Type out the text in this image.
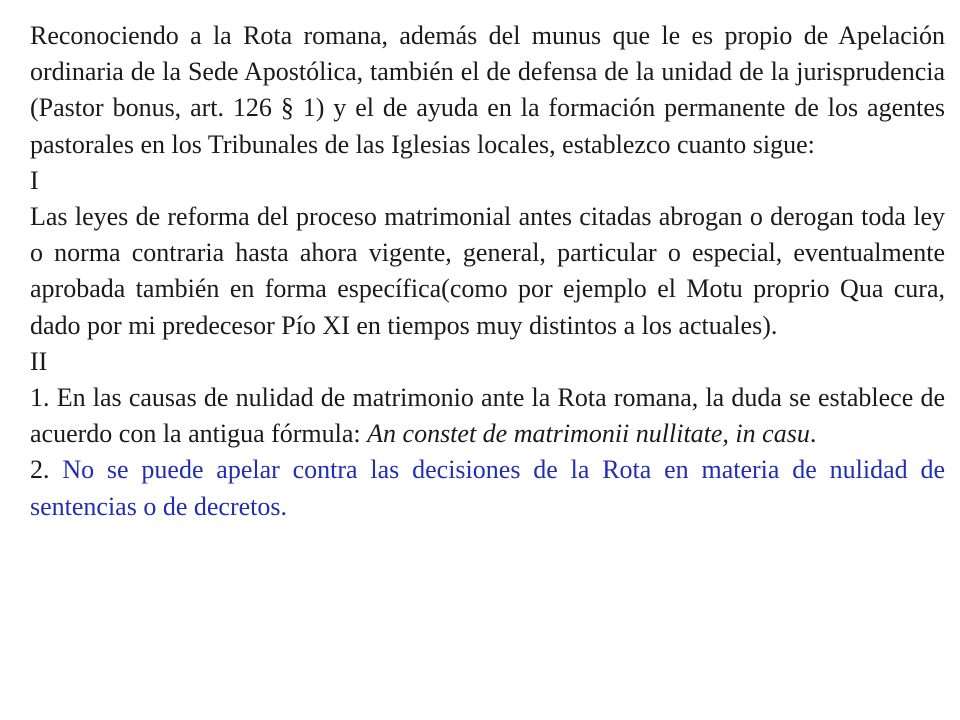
Reconociendo a la Rota romana, además del munus que le es propio de Apelación ordinaria de la Sede Apostólica, también el de defensa de la unidad de la jurisprudencia (Pastor bonus, art. 126 § 1) y el de ayuda en la formación permanente de los agentes pastorales en los Tribunales de las Iglesias locales, establezco cuanto sigue:

I

Las leyes de reforma del proceso matrimonial antes citadas abrogan o derogan toda ley o norma contraria hasta ahora vigente, general, particular o especial, eventualmente aprobada también en forma específica(como por ejemplo el Motu proprio Qua cura, dado por mi predecesor Pío XI en tiempos muy distintos a los actuales).

II

1. En las causas de nulidad de matrimonio ante la Rota romana, la duda se establece de acuerdo con la antigua fórmula: An constet de matrimonii nullitate, in casu.

2. No se puede apelar contra las decisiones de la Rota en materia de nulidad de sentencias o de decretos.
